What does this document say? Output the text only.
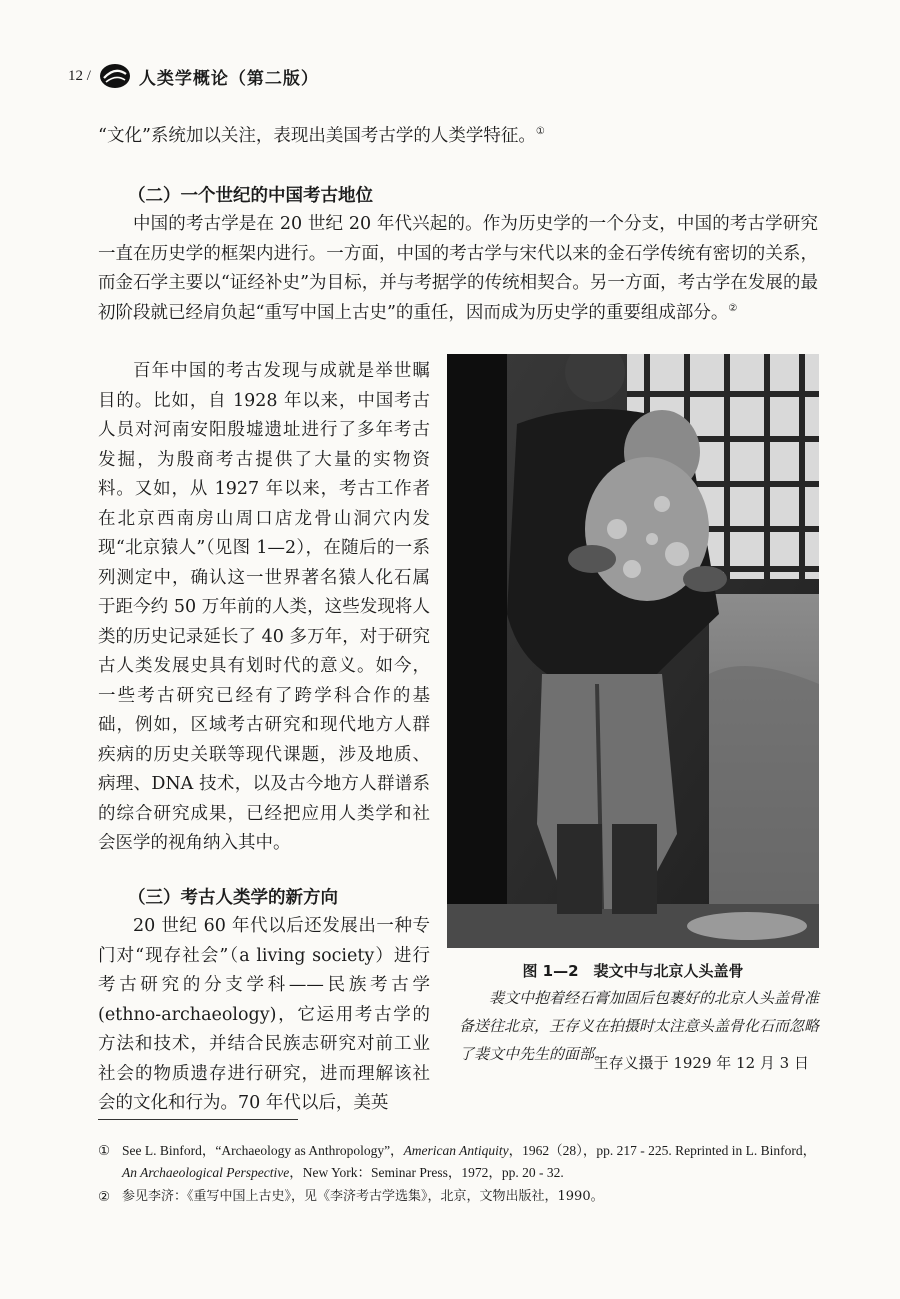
12 /	人类学概论（第二版）
“文化”系统加以关注，表现出美国考古学的人类学特征。①
（二）一个世纪的中国考古地位
中国的考古学是在 20 世纪 20 年代兴起的。作为历史学的一个分支，中国的考古学研究一直在历史学的框架内进行。一方面，中国的考古学与宋代以来的金石学传统有密切的关系，而金石学主要以“证经补史”为目标，并与考据学的传统相契合。另一方面，考古学在发展的最初阶段就已经肩负起“重写中国上古史”的重任，因而成为历史学的重要组成部分。②
百年中国的考古发现与成就是举世瞩目的。比如，自 1928 年以来，中国考古人员对河南安阳殷墟遗址进行了多年考古发掘，为殷商考古提供了大量的实物资料。又如，从 1927 年以来，考古工作者在北京西南房山周口店龙骨山洞穴内发现“北京猿人”（见图 1—2），在随后的一系列测定中，确认这一世界著名猿人化石属于距今约 50 万年前的人类，这些发现将人类的历史记录延长了 40 多万年，对于研究古人类发展史具有划时代的意义。如今，一些考古研究已经有了跨学科合作的基础，例如，区域考古研究和现代地方人群疾病的历史关联等现代课题，涉及地质、病理、DNA 技术，以及古今地方人群谱系的综合研究成果，已经把应用人类学和社会医学的视角纳入其中。
（三）考古人类学的新方向
20 世纪 60 年代以后还发展出一种专门对“现存社会”（a living society）进行考古研究的分支学科——民族考古学(ethno-archaeology)，它运用考古学的方法和技术，并结合民族志研究对前工业社会的物质遗存进行研究，进而理解该社会的文化和行为。70 年代以后，美英
图 1—2　裴文中与北京人头盖骨
裴文中抱着经石膏加固后包裹好的北京人头盖骨准备送往北京，王存义在拍摄时太注意头盖骨化石而忽略了裴文中先生的面部。
王存义摄于 1929 年 12 月 3 日
① See L. Binford，“Archaeology as Anthropology”，American Antiquity，1962（28），pp. 217 - 225. Reprinted in L. Binford，An Archaeological Perspective，New York：Seminar Press，1972，pp. 20 - 32.
② 参见李济：《重写中国上古史》，见《李济考古学选集》，北京，文物出版社，1990。
